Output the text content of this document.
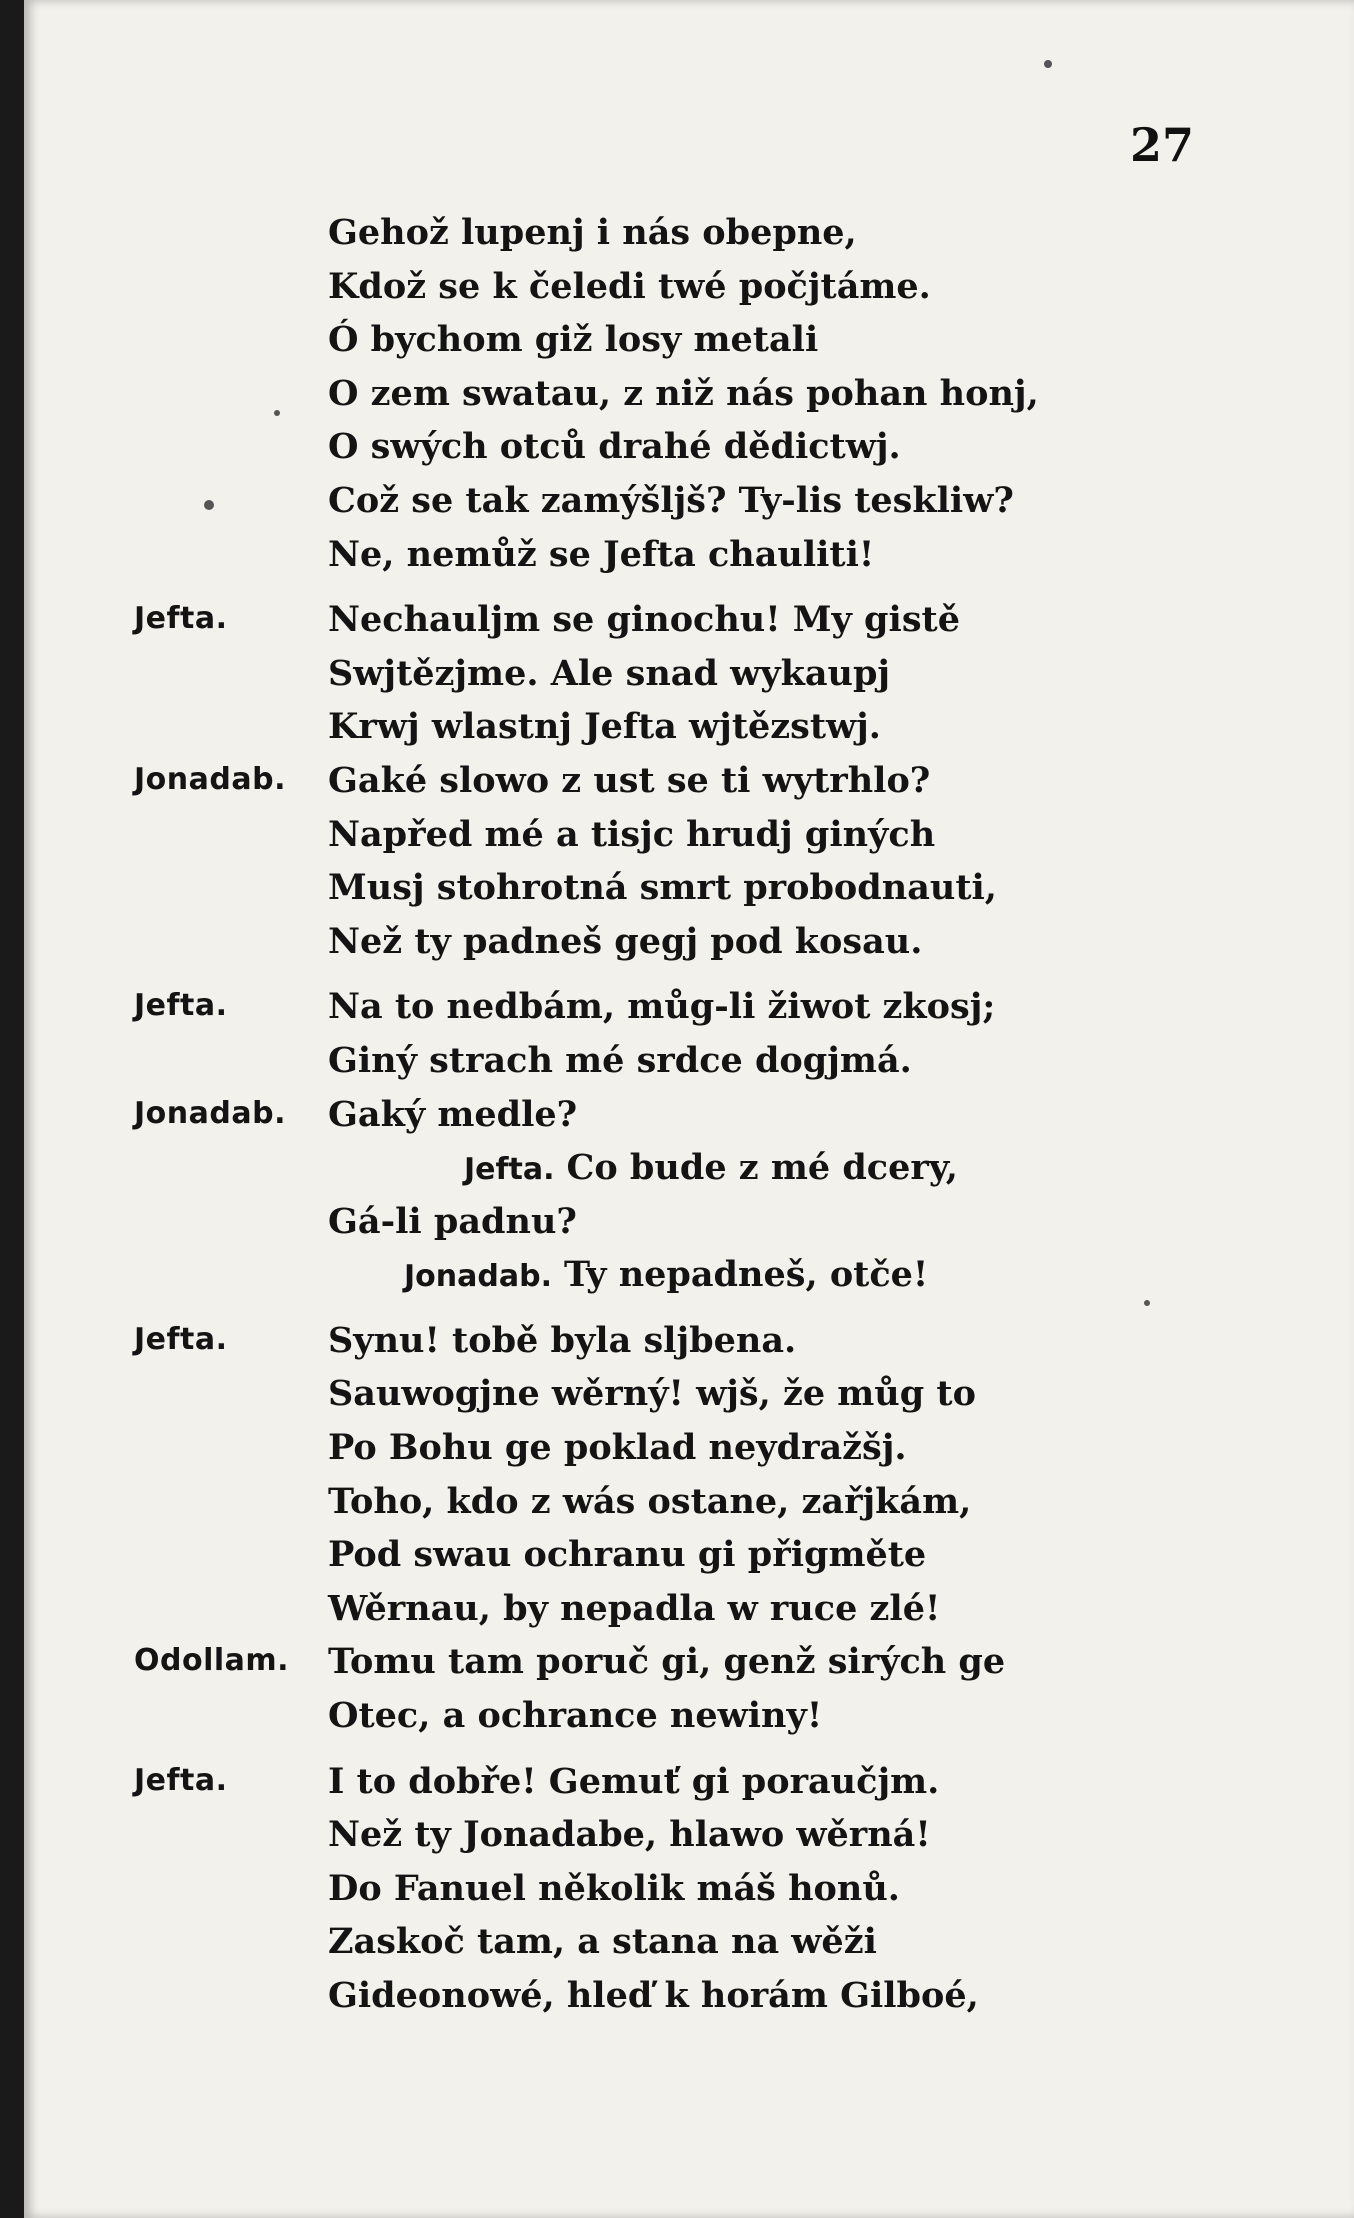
27
Gehož lupenj i nás obepne,
Kdož se k čeledi twé počjtáme.
Ó bychom giž losy metali
O zem swatau, z niž nás pohan honj,
O swých otců drahé dědictwj.
Což se tak zamýšljš? Ty-lis teskliw?
Ne, nemůž se Jefta chauliti!
Jefta.	Nechauljm se ginochu! My gistě
Swjtězjme. Ale snad wykaupj
Krwj wlastnj Jefta wjtězstwj.
Jonadab. Gaké slowo z ust se ti wytrhlo?
Napřed mé a tisjc hrudj giných
Musj stohrotná smrt probodnauti,
Než ty padneš gegj pod kosau.
Jefta.	Na to nedbám, můg-li žiwot zkosj;
Giný strach mé srdce dogjmá.
Jonadab. Gaký medle?
Jefta. Co bude z mé dcery,
Gá-li padnu?
Jonadab. Ty nepadneš, otče!
Jefta.	Synu! tobě byla sljbena.
Sauwogjne wěrný! wjš, že můg to
Po Bohu ge poklad neydražšj.
Toho, kdo z wás ostane, zařjkám,
Pod swau ochranu gi přigměte
Wěrnau, by nepadla w ruce zlé!
Odollam. Tomu tam poruč gi, genž sirých ge
Otec, a ochrance newiny!
Jefta.	I to dobře! Gemuť gi poraučjm.
Než ty Jonadabe, hlawo wěrná!
Do Fanuel několik máš honů.
Zaskoč tam, a stana na wěži
Gideonowé, hleď k horám Gilboé,
